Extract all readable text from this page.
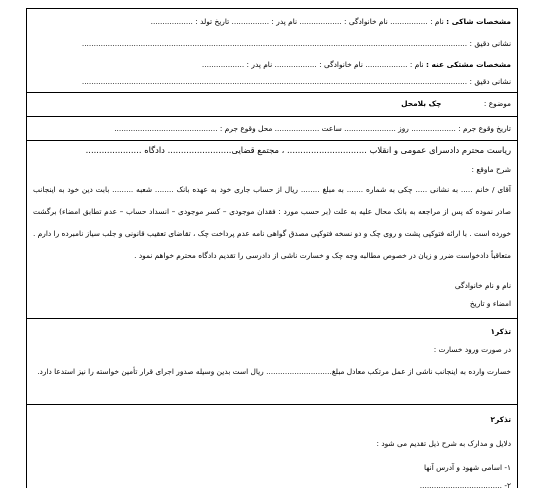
مشخصات شاکی : نام : ................ نام خانوادگی : .................. نام پدر : ................ تاریخ تولد : ..................
نشانی دقیق : ....................................................................................................................................................................
مشخصات مشتکی عنه : نام : .................. نام خانوادگی : .................. نام پدر : ..................
نشانی دقیق : ....................................................................................................................................................................
موضوع : چک بلامحل
تاریخ وقوع جرم : ................... روز ...................... ساعت ................... محل وقوع جرم : ............................................
ریاست محترم دادسرای عمومی و انقلاب .............................. ، مجتمع قضایی........................ دادگاه .....................
شرح ماوقع :
آقای / خانم ..... به نشانی ..... چکی به شماره ....... به مبلغ ........ ریال از حساب جاری خود به عهده بانک ........ شعبه ......... بابت دین خود به اینجانب صادر نموده که پس از مراجعه به بانک محال علیه به علت (بر حسب مورد : فقدان موجودی – کسر موجودی – انسداد حساب – عدم تطابق امضاء) برگشت خورده است . با ارائه فتوکپی پشت و روی چک و دو نسخه فتوکپی مصدق گواهی نامه عدم پرداخت چک ، تقاضای تعقیب قانونی و جلب سیاز نامبرده را دارم . متعاقباً دادخواست ضرر و زیان در خصوص مطالبه وجه چک و خسارت ناشی از دادرسی را تقدیم دادگاه محترم خواهم نمود .
نام و نام خانوادگی
امضاء و تاریخ
تذکر۱
در صورت ورود خسارت :
خسارت وارده به اینجانب ناشی از عمل مرتکب معادل مبلغ............................ ریال است بدین وسیله صدور اجرای قرار تأمین خواسته را نیز استدعا دارد.
تذکر۲
دلایل و مدارک به شرح ذیل تقدیم می شود :
۱- اسامی شهود و آدرس آنها
۲- ...................................
